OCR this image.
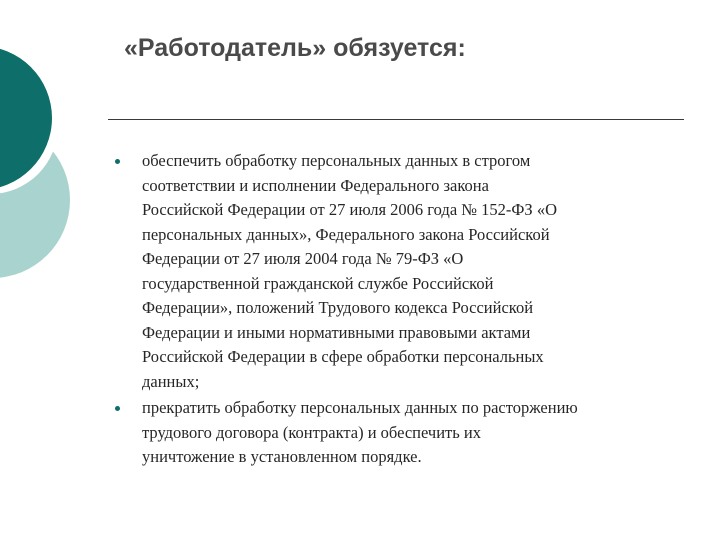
«Работодатель» обязуется:
обеспечить обработку персональных данных в строгом
соответствии и исполнении Федерального закона
Российской Федерации от 27 июля 2006 года № 152-ФЗ «О
персональных данных», Федерального закона Российской
Федерации от 27 июля 2004 года № 79-ФЗ «О
государственной гражданской службе Российской
Федерации», положений Трудового кодекса Российской
Федерации и иными нормативными правовыми актами
Российской Федерации в сфере обработки персональных
данных;
прекратить обработку персональных данных по расторжению
трудового договора (контракта) и обеспечить их
уничтожение в установленном порядке.
